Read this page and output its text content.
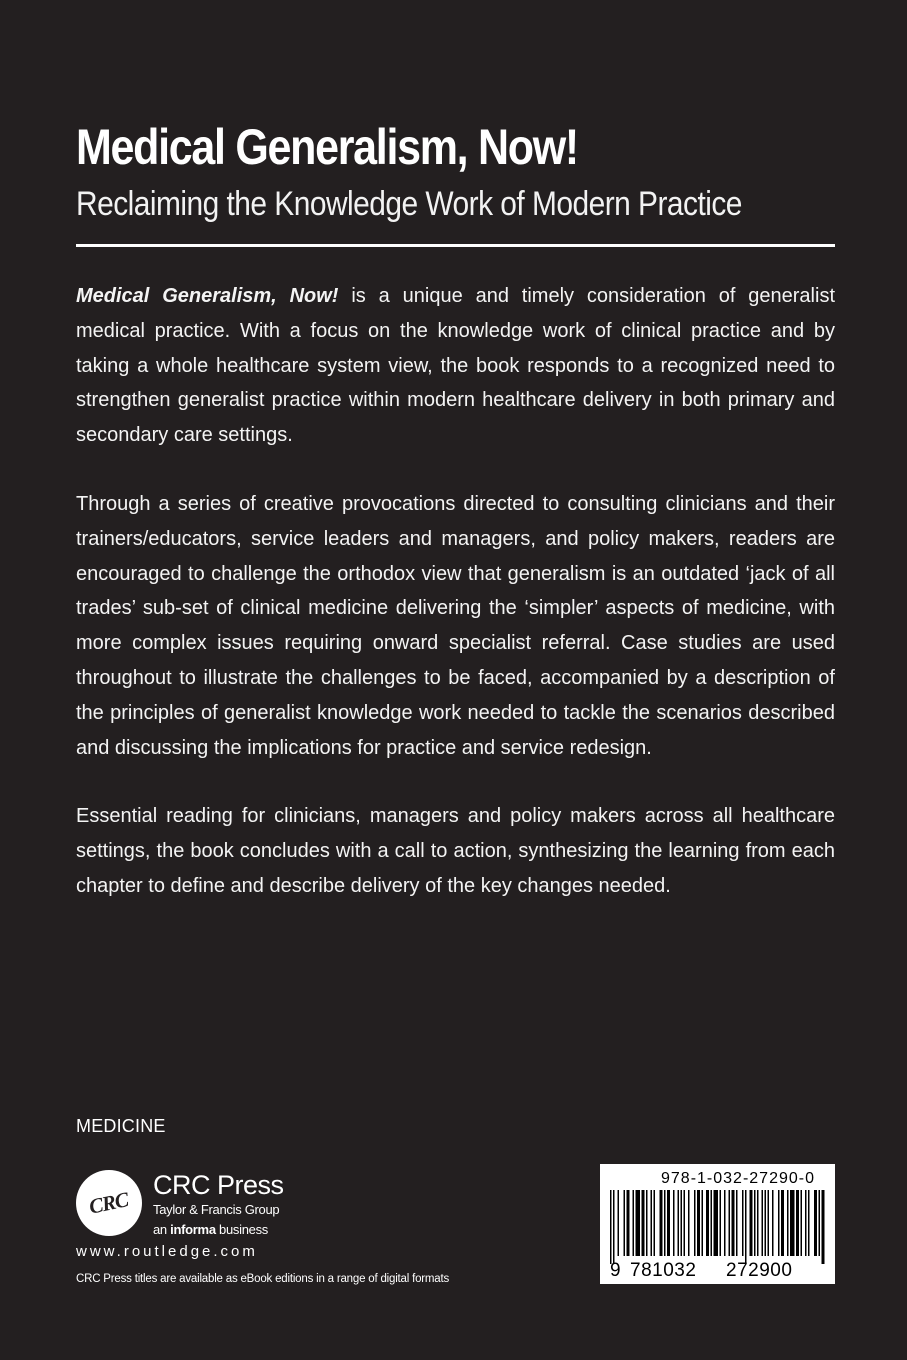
Medical Generalism, Now!
Reclaiming the Knowledge Work of Modern Practice

Medical Generalism, Now! is a unique and timely consideration of generalist medical practice. With a focus on the knowledge work of clinical practice and by taking a whole healthcare system view, the book responds to a recognized need to strengthen generalist practice within modern healthcare delivery in both primary and secondary care settings.

Through a series of creative provocations directed to consulting clinicians and their trainers/educators, service leaders and managers, and policy makers, readers are encouraged to challenge the orthodox view that generalism is an outdated ‘jack of all trades’ sub-set of clinical medicine delivering the ‘simpler’ aspects of medicine, with more complex issues requiring onward specialist referral. Case studies are used throughout to illustrate the challenges to be faced, accompanied by a description of the principles of generalist knowledge work needed to tackle the scenarios described and discussing the implications for practice and service redesign.

Essential reading for clinicians, managers and policy makers across all healthcare settings, the book concludes with a call to action, synthesizing the learning from each chapter to define and describe delivery of the key changes needed.

MEDICINE
CRC
CRC Press
Taylor & Francis Group
an informa business
www.routledge.com
CRC Press titles are available as eBook editions in a range of digital formats
978-1-032-27290-0
9 781032 272900
